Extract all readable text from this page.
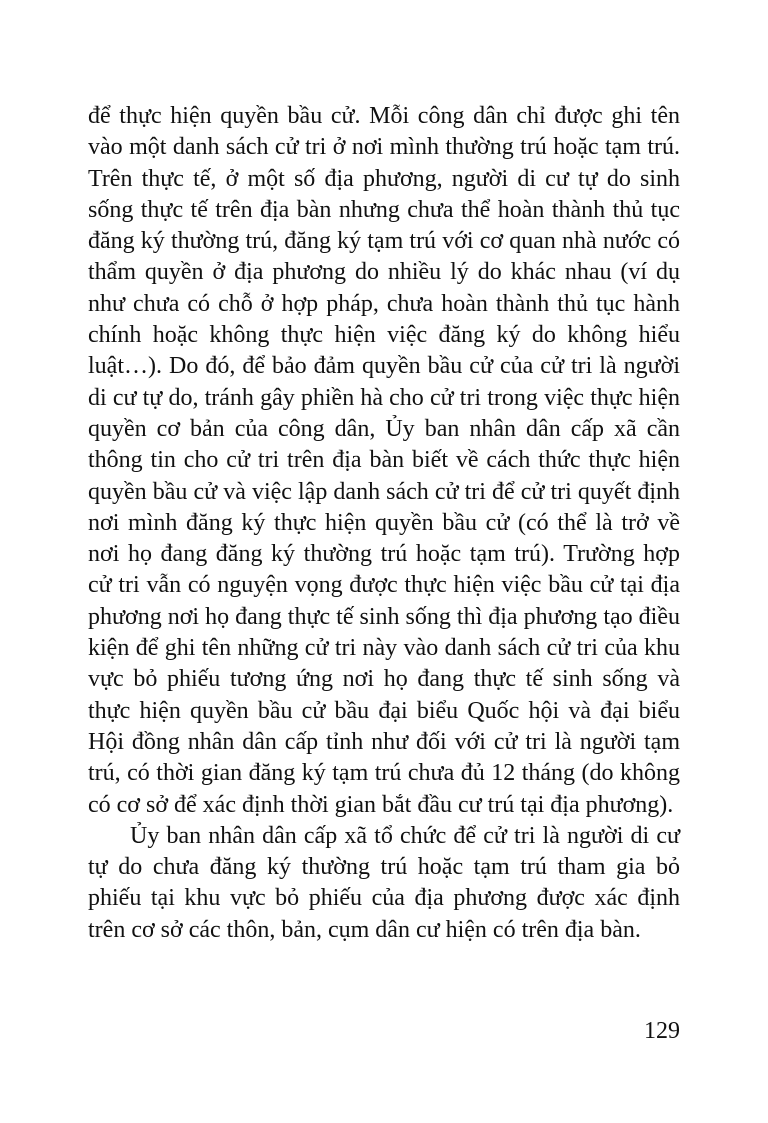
để thực hiện quyền bầu cử. Mỗi công dân chỉ được ghi tên vào một danh sách cử tri ở nơi mình thường trú hoặc tạm trú. Trên thực tế, ở một số địa phương, người di cư tự do sinh sống thực tế trên địa bàn nhưng chưa thể hoàn thành thủ tục đăng ký thường trú, đăng ký tạm trú với cơ quan nhà nước có thẩm quyền ở địa phương do nhiều lý do khác nhau (ví dụ như chưa có chỗ ở hợp pháp, chưa hoàn thành thủ tục hành chính hoặc không thực hiện việc đăng ký do không hiểu luật…). Do đó, để bảo đảm quyền bầu cử của cử tri là người di cư tự do, tránh gây phiền hà cho cử tri trong việc thực hiện quyền cơ bản của công dân, Ủy ban nhân dân cấp xã cần thông tin cho cử tri trên địa bàn biết về cách thức thực hiện quyền bầu cử và việc lập danh sách cử tri để cử tri quyết định nơi mình đăng ký thực hiện quyền bầu cử (có thể là trở về nơi họ đang đăng ký thường trú hoặc tạm trú). Trường hợp cử tri vẫn có nguyện vọng được thực hiện việc bầu cử tại địa phương nơi họ đang thực tế sinh sống thì địa phương tạo điều kiện để ghi tên những cử tri này vào danh sách cử tri của khu vực bỏ phiếu tương ứng nơi họ đang thực tế sinh sống và thực hiện quyền bầu cử bầu đại biểu Quốc hội và đại biểu Hội đồng nhân dân cấp tỉnh như đối với cử tri là người tạm trú, có thời gian đăng ký tạm trú chưa đủ 12 tháng (do không có cơ sở để xác định thời gian bắt đầu cư trú tại địa phương).

Ủy ban nhân dân cấp xã tổ chức để cử tri là người di cư tự do chưa đăng ký thường trú hoặc tạm trú tham gia bỏ phiếu tại khu vực bỏ phiếu của địa phương được xác định trên cơ sở các thôn, bản, cụm dân cư hiện có trên địa bàn.

129
